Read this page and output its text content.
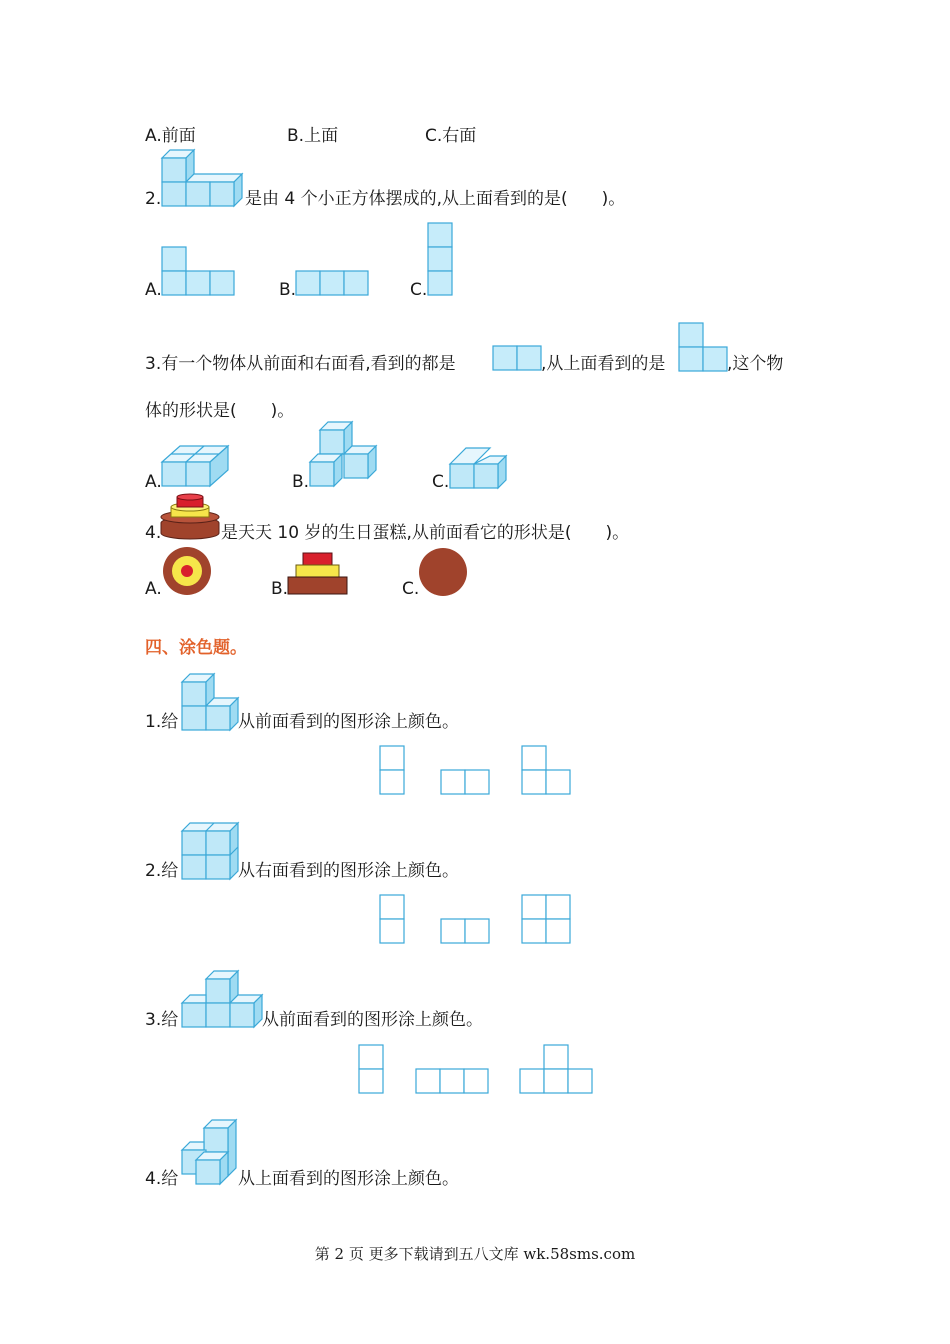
A.前面	B.上面	C.右面
2.	是由 4 个小正方体摆成的,从上面看到的是(　　)。
A.	B.	C.
3.有一个物体从前面和右面看,看到的都是	,从上面看到的是	,这个物
体的形状是(　　)。
A.	B.	C.
4.	是天天 10 岁的生日蛋糕,从前面看它的形状是(　　)。
A.	B.	C.
四、涂色题。
1.给	从前面看到的图形涂上颜色。
2.给	从右面看到的图形涂上颜色。
3.给	从前面看到的图形涂上颜色。
4.给	从上面看到的图形涂上颜色。
第 2 页 更多下载请到五八文库 wk.58sms.com
